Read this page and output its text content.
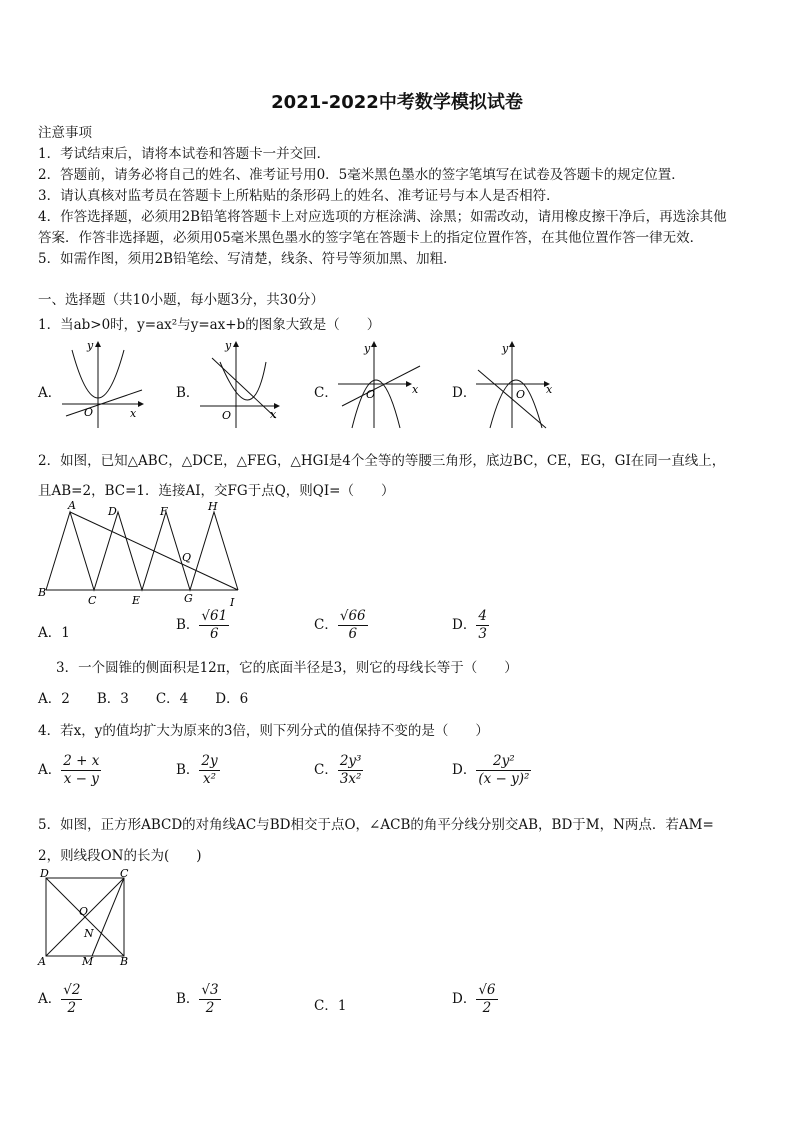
2021-2022中考数学模拟试卷
注意事项
1．考试结束后，请将本试卷和答题卡一并交回．
2．答题前，请务必将自己的姓名、准考证号用0．5毫米黑色墨水的签字笔填写在试卷及答题卡的规定位置．
3．请认真核对监考员在答题卡上所粘贴的条形码上的姓名、准考证号与本人是否相符．
4．作答选择题，必须用2B铅笔将答题卡上对应选项的方框涂满、涂黑；如需改动，请用橡皮擦干净后，再选涂其他
答案．作答非选择题，必须用05毫米黑色墨水的签字笔在答题卡上的指定位置作答，在其他位置作答一律无效．
5．如需作图，须用2B铅笔绘、写清楚，线条、符号等须加黑、加粗．
一、选择题（共10小题，每小题3分，共30分）
1．当ab>0时，y=ax²与y=ax+b的图象大致是（　　）
A．
y
x
O
B．
y
x
O
C．
y
x
O	D．
y
x
O
2．如图，已知△ABC，△DCE，△FEG，△HGI是4个全等的等腰三角形，底边BC，CE，EG，GI在同一直线上，
且AB=2，BC=1．连接AI，交FG于点Q，则QI=（　　）
A	D	F	H
B
C	E	G	I
Q
A．1	B． $\frac{√61}{6}$	C． $\frac{√66}{6}$	D． $\frac{4}{3}$
3．一个圆锥的侧面积是12π，它的底面半径是3，则它的母线长等于（　　）
A．2　　B．3　　C．4　　D．6
4．若x，y的值均扩大为原来的3倍，则下列分式的值保持不变的是（　　）
A． $\frac{2 + x}{x - y}$	B． $\frac{2y}{\text{x²}}$	C． $\frac{\text{2y³}}{\text{3x²}}$	D． $\frac{\text{2y²}}{\text{(x − y)²}}$
5．如图，正方形ABCD的对角线AC与BD相交于点O，∠ACB的角平分线分别交AB，BD于M，N两点．若AM=
2，则线段ON的长为(　　)
D	C
O
N
A	M B
A． $\frac{√2}{2}$	B． $\frac{√3}{2}$	C．1	D． $\frac{√6}{2}$
